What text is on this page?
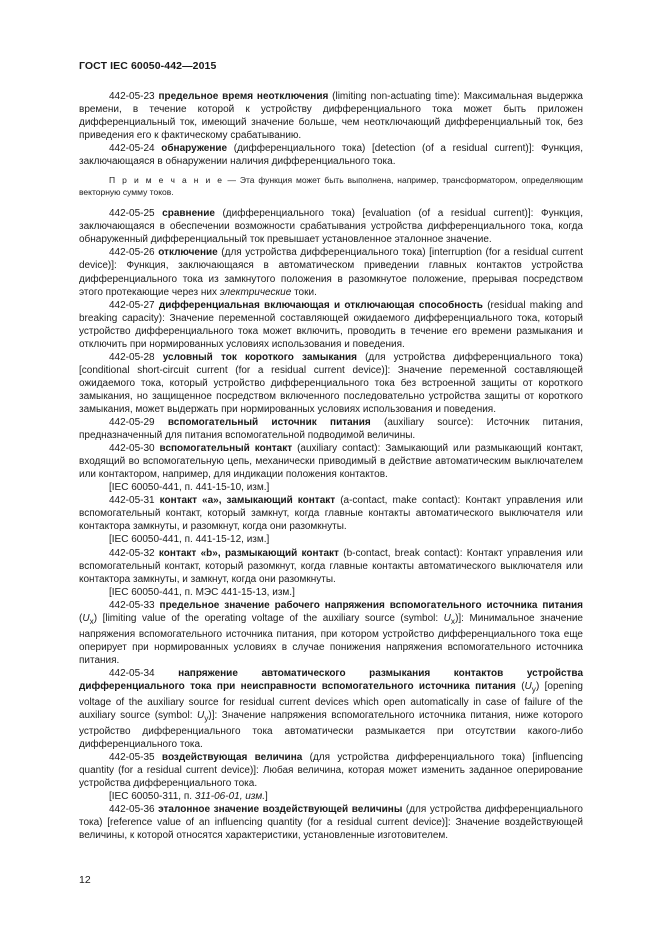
ГОСТ IEC 60050-442—2015

442-05-23 предельное время неотключения (limiting non-actuating time): Максимальная выдержка времени, в течение которой к устройству дифференциального тока может быть приложен дифференциальный ток, имеющий значение больше, чем неотключающий дифференциальный ток, без приведения его к фактическому срабатыванию.

442-05-24 обнаружение (дифференциального тока) [detection (of a residual current)]: Функция, заключающаяся в обнаружении наличия дифференциального тока.

П р и м е ч а н и е — Эта функция может быть выполнена, например, трансформатором, определяющим векторную сумму токов.

442-05-25 сравнение (дифференциального тока) [evaluation (of a residual current)]: Функция, заключающаяся в обеспечении возможности срабатывания устройства дифференциального тока, когда обнаруженный дифференциальный ток превышает установленное эталонное значение.

442-05-26 отключение (для устройства дифференциального тока) [interruption (for a residual current device)]: Функция, заключающаяся в автоматическом приведении главных контактов устройства дифференциального тока из замкнутого положения в разомкнутое положение, прерывая посредством этого протекающие через них электрические токи.

442-05-27 дифференциальная включающая и отключающая способность (residual making and breaking capacity): Значение переменной составляющей ожидаемого дифференциального тока, который устройство дифференциального тока может включить, проводить в течение его времени размыкания и отключить при нормированных условиях использования и поведения.

442-05-28 условный ток короткого замыкания (для устройства дифференциального тока) [conditional short-circuit current (for a residual current device)]: Значение переменной составляющей ожидаемого тока, который устройство дифференциального тока без встроенной защиты от короткого замыкания, но защищенное посредством включенного последовательно устройства защиты от короткого замыкания, может выдержать при нормированных условиях использования и поведения.

442-05-29 вспомогательный источник питания (auxiliary source): Источник питания, предназначенный для питания вспомогательной подводимой величины.

442-05-30 вспомогательный контакт (auxiliary contact): Замыкающий или размыкающий контакт, входящий во вспомогательную цепь, механически приводимый в действие автоматическим выключателем или контактором, например, для индикации положения контактов.

[IEC 60050-441, п. 441-15-10, изм.]

442-05-31 контакт «а», замыкающий контакт (a-contact, make contact): Контакт управления или вспомогательный контакт, который замкнут, когда главные контакты автоматического выключателя или контактора замкнуты, и разомкнут, когда они разомкнуты.

[IEC 60050-441, п. 441-15-12, изм.]

442-05-32 контакт «b», размыкающий контакт (b-contact, break contact): Контакт управления или вспомогательный контакт, который разомкнут, когда главные контакты автоматического выключателя или контактора замкнуты, и замкнут, когда они разомкнуты.

[IEC 60050-441, п. МЭС 441-15-13, изм.]

442-05-33 предельное значение рабочего напряжения вспомогательного источника питания $(U_x)$ [limiting value of the operating voltage of the auxiliary source (symbol: $U_x$)]: Минимальное значение напряжения вспомогательного источника питания, при котором устройство дифференциального тока еще оперирует при нормированных условиях в случае понижения напряжения вспомогательного источника питания.

442-05-34 напряжение автоматического размыкания контактов устройства дифференциального тока при неисправности вспомогательного источника питания $(U_y)$ [opening voltage of the auxiliary source for residual current devices which open automatically in case of failure of the auxiliary source (symbol: $U_y$)]: Значение напряжения вспомогательного источника питания, ниже которого устройство дифференциального тока автоматически размыкается при отсутствии какого-либо дифференциального тока.

442-05-35 воздействующая величина (для устройства дифференциального тока) [influencing quantity (for a residual current device)]: Любая величина, которая может изменить заданное оперирование устройства дифференциального тока.

[IEC 60050-311, п. 311-06-01, изм.]

442-05-36 эталонное значение воздействующей величины (для устройства дифференциального тока) [reference value of an influencing quantity (for a residual current device)]: Значение воздействующей величины, к которой относятся характеристики, установленные изготовителем.

12
